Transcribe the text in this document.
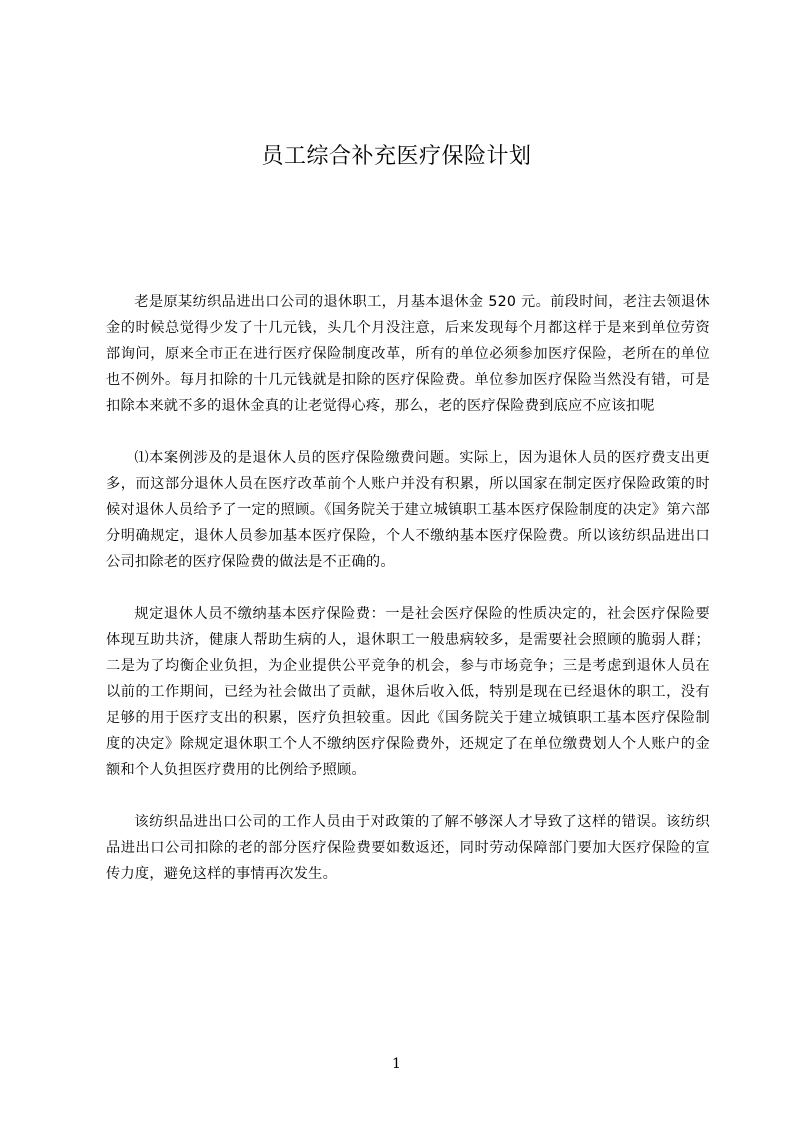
员工综合补充医疗保险计划

老是原某纺织品进出口公司的退休职工，月基本退休金 520 元。前段时间，老注去领退休金的时候总觉得少发了十几元钱，头几个月没注意，后来发现每个月都这样于是来到单位劳资部询问，原来全市正在进行医疗保险制度改革，所有的单位必须参加医疗保险，老所在的单位也不例外。每月扣除的十几元钱就是扣除的医疗保险费。单位参加医疗保险当然没有错，可是扣除本来就不多的退休金真的让老觉得心疼，那么，老的医疗保险费到底应不应该扣呢

⑴本案例涉及的是退休人员的医疗保险缴费问题。实际上，因为退休人员的医疗费支出更多，而这部分退休人员在医疗改革前个人账户并没有积累，所以国家在制定医疗保险政策的时候对退休人员给予了一定的照顾。《国务院关于建立城镇职工基本医疗保险制度的决定》第六部分明确规定，退休人员参加基本医疗保险，个人不缴纳基本医疗保险费。所以该纺织品进出口公司扣除老的医疗保险费的做法是不正确的。

规定退休人员不缴纳基本医疗保险费：一是社会医疗保险的性质决定的，社会医疗保险要体现互助共济，健康人帮助生病的人，退休职工一般患病较多，是需要社会照顾的脆弱人群；二是为了均衡企业负担，为企业提供公平竞争的机会，参与市场竞争；三是考虑到退休人员在以前的工作期间，已经为社会做出了贡献，退休后收入低，特别是现在已经退休的职工，没有足够的用于医疗支出的积累，医疗负担较重。因此《国务院关于建立城镇职工基本医疗保险制度的决定》除规定退休职工个人不缴纳医疗保险费外，还规定了在单位缴费划人个人账户的金额和个人负担医疗费用的比例给予照顾。

该纺织品进出口公司的工作人员由于对政策的了解不够深人才导致了这样的错误。该纺织品进出口公司扣除的老的部分医疗保险费要如数返还，同时劳动保障部门要加大医疗保险的宣传力度，避免这样的事情再次发生。

1
